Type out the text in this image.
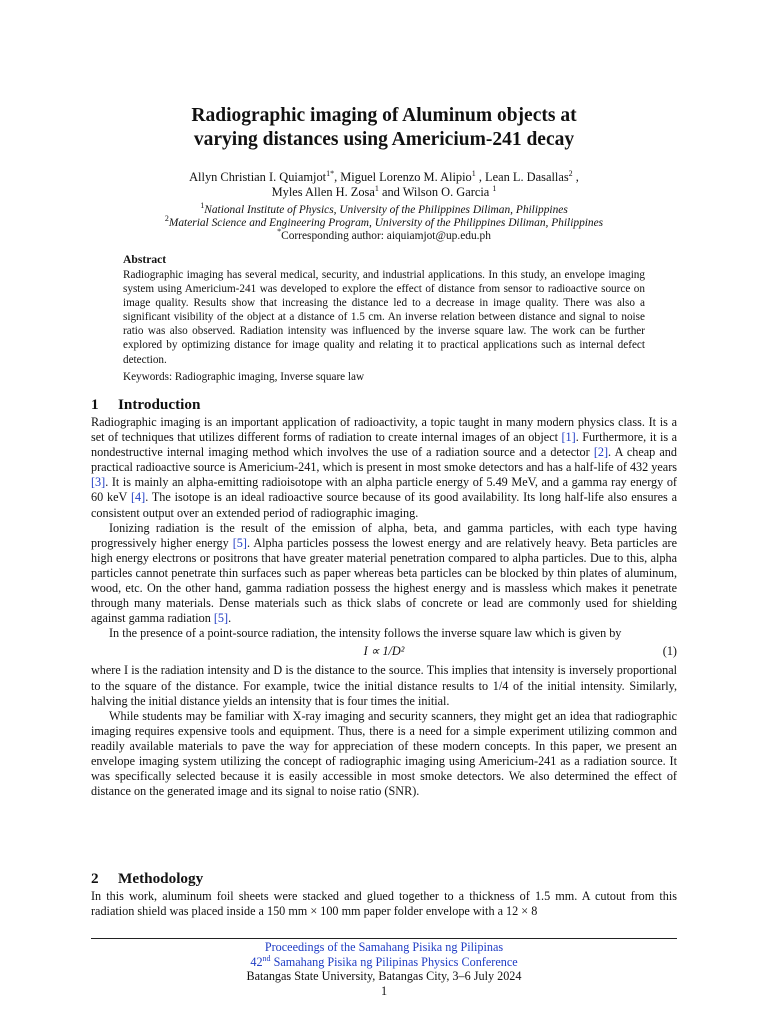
Radiographic imaging of Aluminum objects at
varying distances using Americium-241 decay
Allyn Christian I. Quiamjot$^{1*}$, Miguel Lorenzo M. Alipio$^1$ , Lean L. Dasallas$^2$ ,
Myles Allen H. Zosa$^1$ and Wilson O. Garcia $^1$
$^1$National Institute of Physics, University of the Philippines Diliman, Philippines
$^2$Material Science and Engineering Program, University of the Philippines Diliman, Philippines
*Corresponding author: aiquiamjot@up.edu.ph
Abstract
Radiographic imaging has several medical, security, and industrial applications. In this study, an envelope imaging system using Americium-241 was developed to explore the effect of distance from sensor to radioactive source on image quality. Results show that increasing the distance led to a decrease in image quality. There was also a significant visibility of the object at a distance of 1.5 cm. An inverse relation between distance and signal to noise ratio was also observed. Radiation intensity was influenced by the inverse square law. The work can be further explored by optimizing distance for image quality and relating it to practical applications such as internal defect detection.
Keywords: Radiographic imaging, Inverse square law
1 Introduction

Radiographic imaging is an important application of radioactivity, a topic taught in many modern physics class. It is a set of techniques that utilizes different forms of radiation to create internal images of an object [1]. Furthermore, it is a nondestructive internal imaging method which involves the use of a radiation source and a detector [2]. A cheap and practical radioactive source is Americium-241, which is present in most smoke detectors and has a half-life of 432 years [3]. It is mainly an alpha-emitting radioisotope with an alpha particle energy of 5.49 MeV, and a gamma ray energy of 60 keV [4]. The isotope is an ideal radioactive source because of its good availability. Its long half-life also ensures a consistent output over an extended period of radiographic imaging.

Ionizing radiation is the result of the emission of alpha, beta, and gamma particles, with each type having progressively higher energy [5]. Alpha particles possess the lowest energy and are relatively heavy. Beta particles are high energy electrons or positrons that have greater material penetration compared to alpha particles. Due to this, alpha particles cannot penetrate thin surfaces such as paper whereas beta particles can be blocked by thin plates of aluminum, wood, etc. On the other hand, gamma radiation possess the highest energy and is massless which makes it penetrate through many materials. Dense materials such as thick slabs of concrete or lead are commonly used for shielding against gamma radiation [5].

In the presence of a point-source radiation, the intensity follows the inverse square law which is given by

I ∝ 1/D²	(1)

where I is the radiation intensity and D is the distance to the source. This implies that intensity is inversely proportional to the square of the distance. For example, twice the initial distance results to 1/4 of the initial intensity. Similarly, halving the initial distance yields an intensity that is four times the initial.

While students may be familiar with X-ray imaging and security scanners, they might get an idea that radiographic imaging requires expensive tools and equipment. Thus, there is a need for a simple experiment utilizing common and readily available materials to pave the way for appreciation of these modern concepts. In this paper, we present an envelope imaging system utilizing the concept of radiographic imaging using Americium-241 as a radiation source. It was specifically selected because it is easily accessible in most smoke detectors. We also determined the effect of distance on the generated image and its signal to noise ratio (SNR).

2 Methodology

In this work, aluminum foil sheets were stacked and glued together to a thickness of 1.5 mm. A cutout from this radiation shield was placed inside a 150 mm × 100 mm paper folder envelope with a 12 × 8

Proceedings of the Samahang Pisika ng Pilipinas
42nd Samahang Pisika ng Pilipinas Physics Conference
Batangas State University, Batangas City, 3–6 July 2024
1
